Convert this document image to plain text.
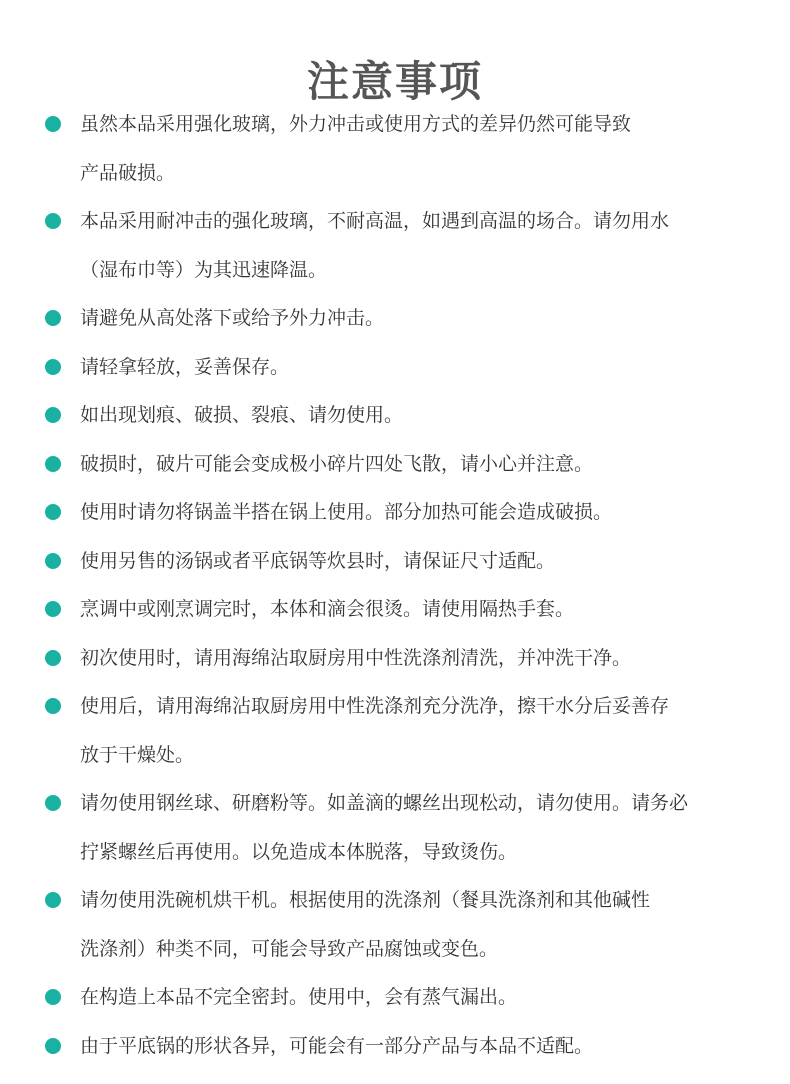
注意事项
虽然本品采用强化玻璃，外力冲击或使用方式的差异仍然可能导致
产品破损。
本品采用耐冲击的强化玻璃，不耐高温，如遇到高温的场合。请勿用水
（湿布巾等）为其迅速降温。
请避免从高处落下或给予外力冲击。
请轻拿轻放，妥善保存。
如出现划痕、破损、裂痕、请勿使用。
破损时，破片可能会变成极小碎片四处飞散，请小心并注意。
使用时请勿将锅盖半搭在锅上使用。部分加热可能会造成破损。
使用另售的汤锅或者平底锅等炊县时，请保证尺寸适配。
烹调中或刚烹调完时，本体和滴会很烫。请使用隔热手套。
初次使用时，请用海绵沾取厨房用中性洗涤剂清洗，并冲洗干净。
使用后，请用海绵沾取厨房用中性洗涤剂充分洗净，擦干水分后妥善存
放于干燥处。
请勿使用钢丝球、研磨粉等。如盖滴的螺丝出现松动，请勿使用。请务必
拧紧螺丝后再使用。以免造成本体脱落，导致烫伤。
请勿使用洗碗机烘干机。根据使用的洗涤剂（餐具洗涤剂和其他碱性
洗涤剂）种类不同，可能会导致产品腐蚀或变色。
在构造上本品不完全密封。使用中，会有蒸气漏出。
由于平底锅的形状各异，可能会有一部分产品与本品不适配。
